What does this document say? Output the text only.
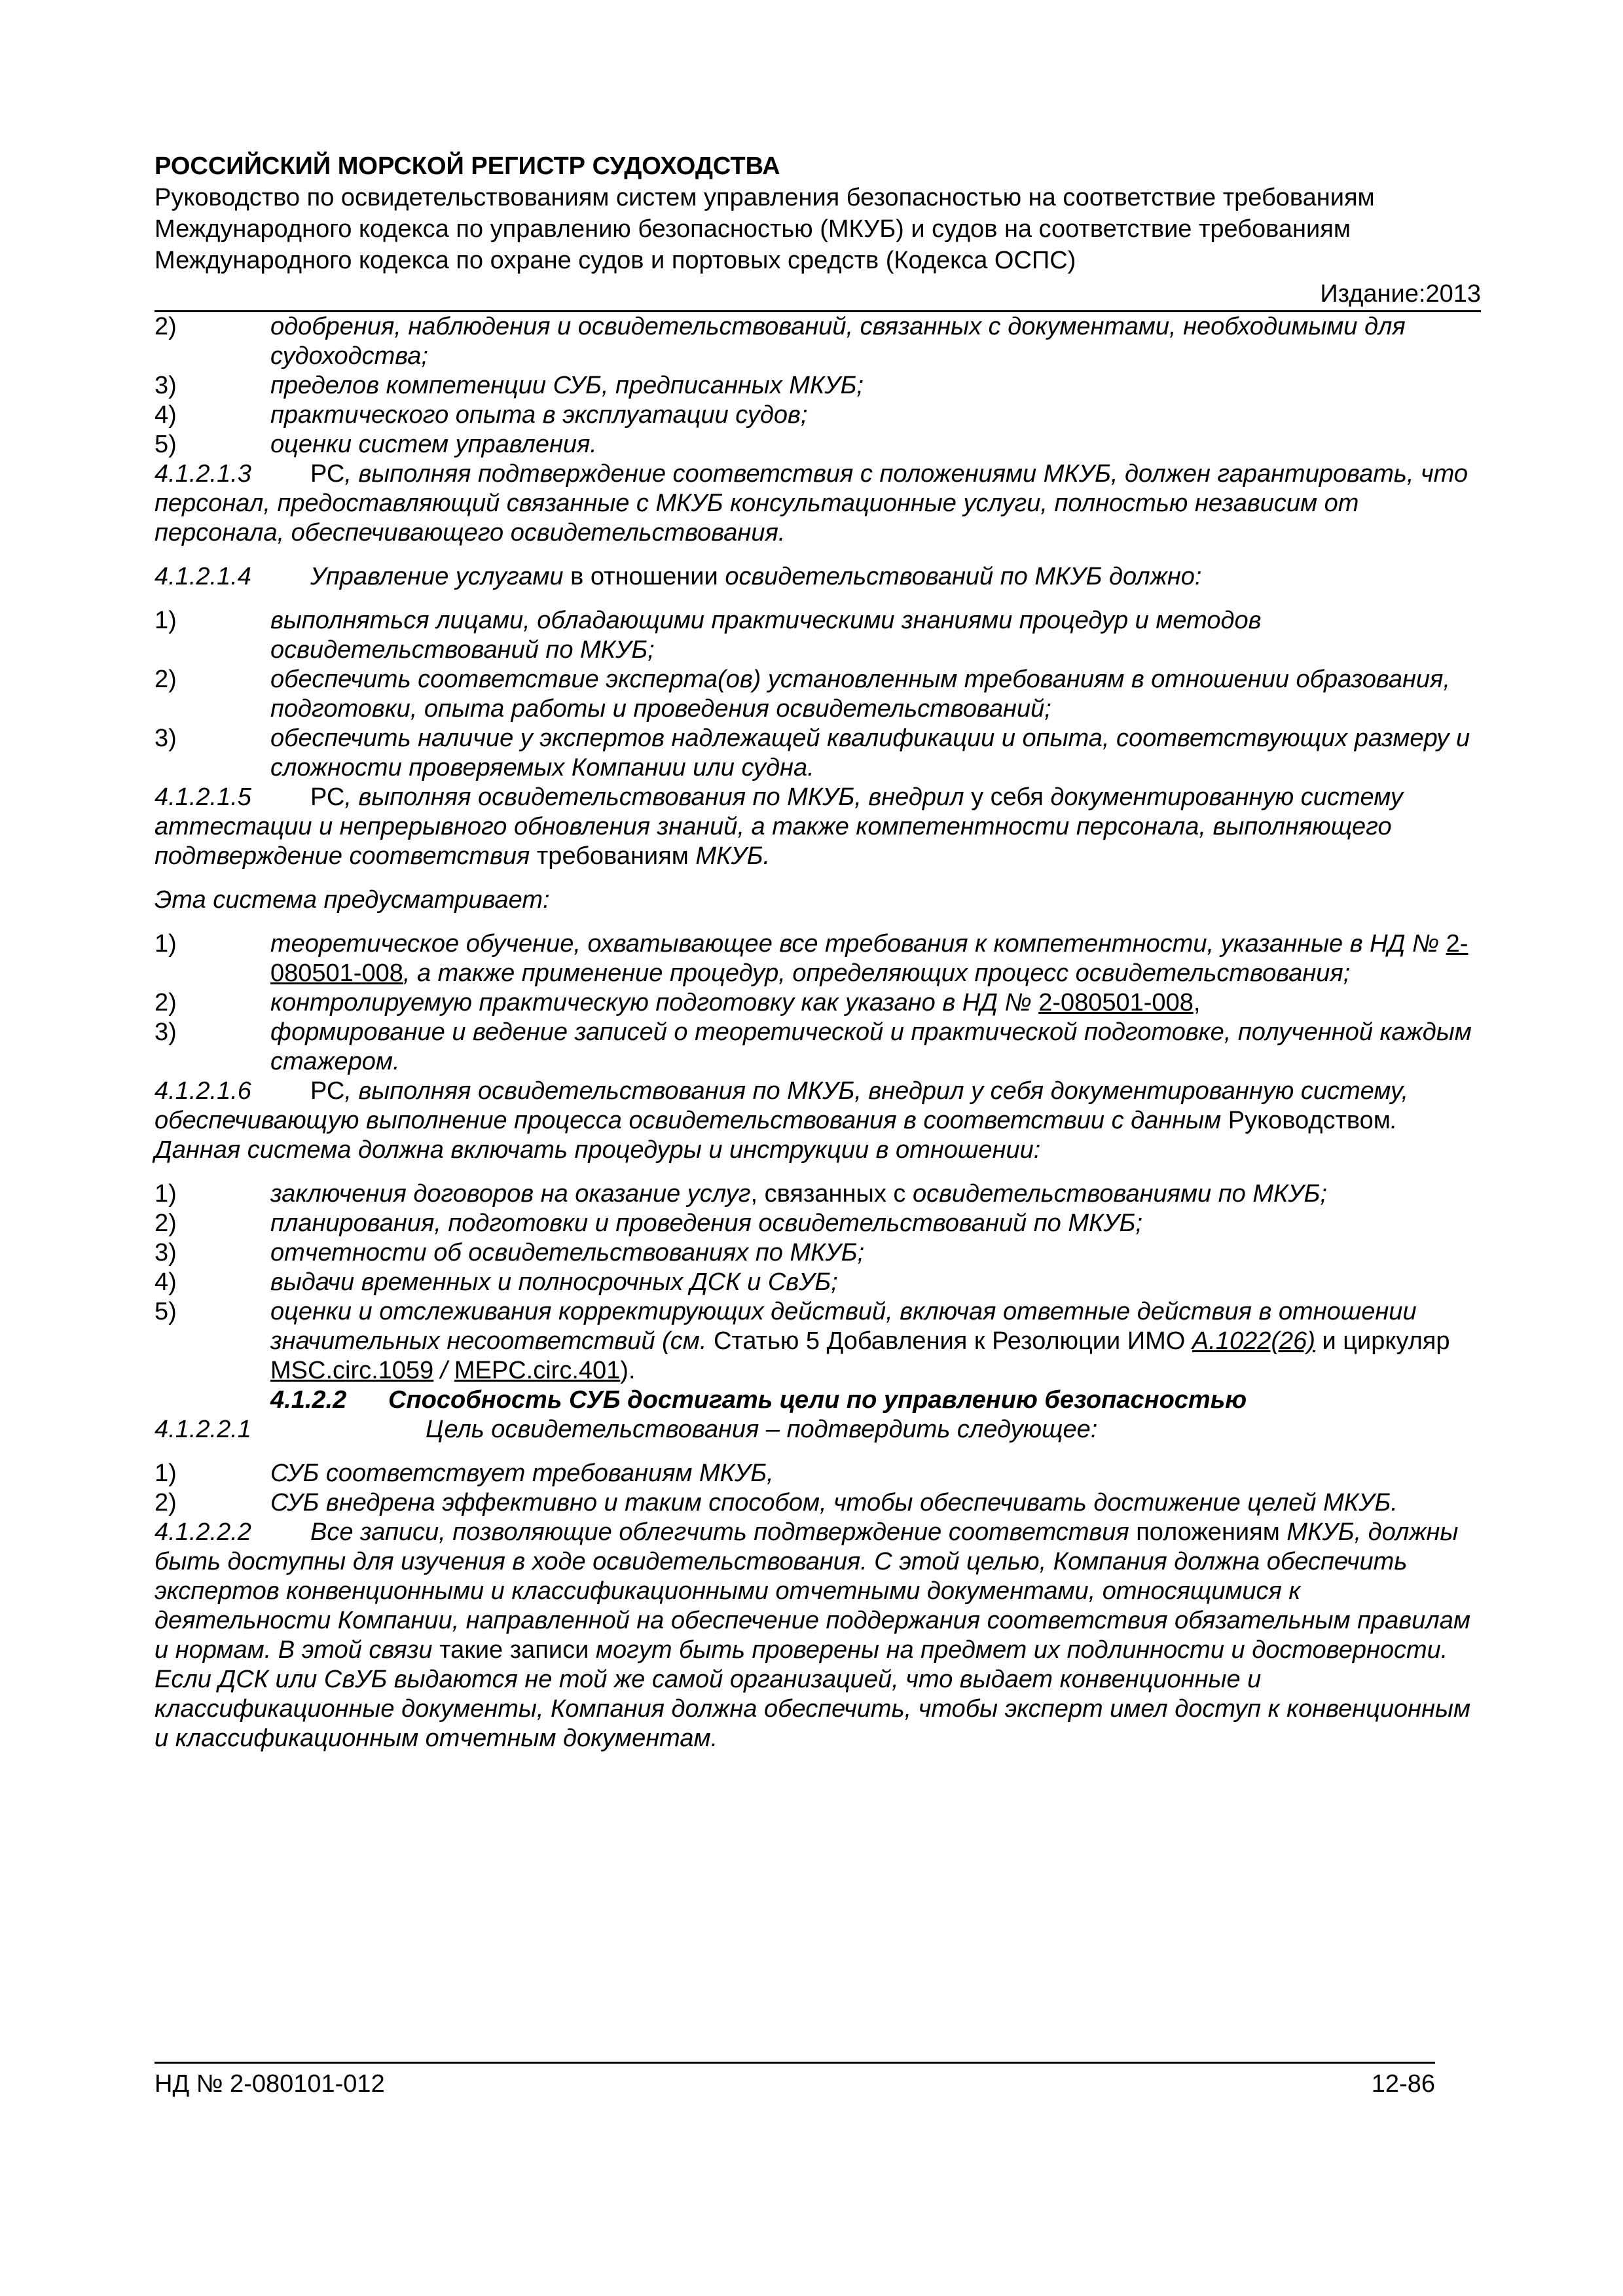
РОССИЙСКИЙ МОРСКОЙ РЕГИСТР СУДОХОДСТВА
Руководство по освидетельствованиям систем управления безопасностью на соответствие требованиям Международного кодекса по управлению безопасностью (МКУБ) и судов на соответствие требованиям Международного кодекса по охране судов и портовых средств (Кодекса ОСПС)
Издание:2013
2)	одобрения, наблюдения и освидетельствований, связанных с документами, необходимыми для судоходства;
3)	пределов компетенции СУБ, предписанных МКУБ;
4)	практического опыта в эксплуатации судов;
5)	оценки систем управления.

4.1.2.1.3 РС, выполняя подтверждение соответствия с положениями МКУБ, должен гарантировать, что персонал, предоставляющий связанные с МКУБ консультационные услуги, полностью независим от персонала, обеспечивающего освидетельствования.

4.1.2.1.4 Управление услугами в отношении освидетельствований по МКУБ должно:

1)	выполняться лицами, обладающими практическими знаниями процедур и методов освидетельствований по МКУБ;
2)	обеспечить соответствие эксперта(ов) установленным требованиям в отношении образования, подготовки, опыта работы и проведения освидетельствований;
3)	обеспечить наличие у экспертов надлежащей квалификации и опыта, соответствующих размеру и сложности проверяемых Компании или судна.

4.1.2.1.5 РС, выполняя освидетельствования по МКУБ, внедрил у себя документированную систему аттестации и непрерывного обновления знаний, а также компетентности персонала, выполняющего подтверждение соответствия требованиям МКУБ.

Эта система предусматривает:

1)	теоретическое обучение, охватывающее все требования к компетентности, указанные в НД № 2-080501-008, а также применение процедур, определяющих процесс освидетельствования;
2)	контролируемую практическую подготовку как указано в НД № 2-080501-008,
3)	формирование и ведение записей о теоретической и практической подготовке, полученной каждым стажером.

4.1.2.1.6 РС, выполняя освидетельствования по МКУБ, внедрил у себя документированную систему, обеспечивающую выполнение процесса освидетельствования в соответствии с данным Руководством. Данная система должна включать процедуры и инструкции в отношении:

1)	заключения договоров на оказание услуг, связанных с освидетельствованиями по МКУБ;
2)	планирования, подготовки и проведения освидетельствований по МКУБ;
3)	отчетности об освидетельствованиях по МКУБ;
4)	выдачи временных и полносрочных ДСК и СвУБ;
5)	оценки и отслеживания корректирующих действий, включая ответные действия в отношении значительных несоответствий (см. Статью 5 Добавления к Резолюции ИМО А.1022(26) и циркуляр MSC.circ.1059 / MEPC.circ.401).
4.1.2.2 Способность СУБ достигать цели по управлению безопасностью

4.1.2.2.1	Цель освидетельствования – подтвердить следующее:

1)	СУБ соответствует требованиям МКУБ,
2)	СУБ внедрена эффективно и таким способом, чтобы обеспечивать достижение целей МКУБ.

4.1.2.2.2 Все записи, позволяющие облегчить подтверждение соответствия положениям МКУБ, должны быть доступны для изучения в ходе освидетельствования. С этой целью, Компания должна обеспечить экспертов конвенционными и классификационными отчетными документами, относящимися к деятельности Компании, направленной на обеспечение поддержания соответствия обязательным правилам и нормам. В этой связи такие записи могут быть проверены на предмет их подлинности и достоверности. Если ДСК или СвУБ выдаются не той же самой организацией, что выдает конвенционные и классификационные документы, Компания должна обеспечить, чтобы эксперт имел доступ к конвенционным и классификационным отчетным документам.

НД № 2-080101-012	12-86
